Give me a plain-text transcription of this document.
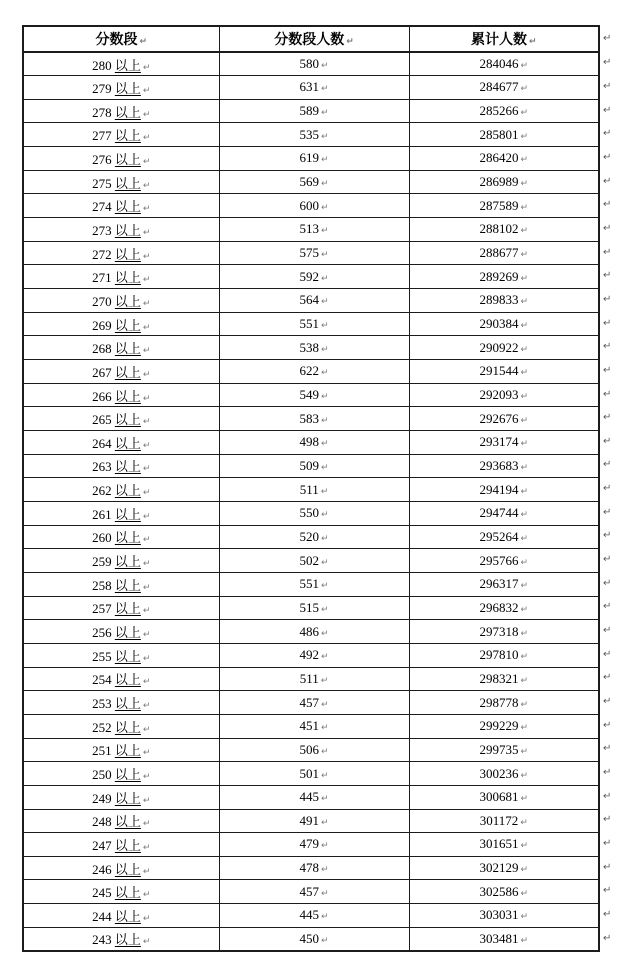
分数段 ↵	分数段人数 ↵	累计人数 ↵
280 以上 ↵	580 ↵	284046 ↵
279 以上 ↵	631 ↵	284677 ↵
278 以上 ↵	589 ↵	285266 ↵
277 以上 ↵	535 ↵	285801 ↵
276 以上 ↵	619 ↵	286420 ↵
275 以上 ↵	569 ↵	286989 ↵
274 以上 ↵	600 ↵	287589 ↵
273 以上 ↵	513 ↵	288102 ↵
272 以上 ↵	575 ↵	288677 ↵
271 以上 ↵	592 ↵	289269 ↵
270 以上 ↵	564 ↵	289833 ↵
269 以上 ↵	551 ↵	290384 ↵
268 以上 ↵	538 ↵	290922 ↵
267 以上 ↵	622 ↵	291544 ↵
266 以上 ↵	549 ↵	292093 ↵
265 以上 ↵	583 ↵	292676 ↵
264 以上 ↵	498 ↵	293174 ↵
263 以上 ↵	509 ↵	293683 ↵
262 以上 ↵	511 ↵	294194 ↵
261 以上 ↵	550 ↵	294744 ↵
260 以上 ↵	520 ↵	295264 ↵
259 以上 ↵	502 ↵	295766 ↵
258 以上 ↵	551 ↵	296317 ↵
257 以上 ↵	515 ↵	296832 ↵
256 以上 ↵	486 ↵	297318 ↵
255 以上 ↵	492 ↵	297810 ↵
254 以上 ↵	511 ↵	298321 ↵
253 以上 ↵	457 ↵	298778 ↵
252 以上 ↵	451 ↵	299229 ↵
251 以上 ↵	506 ↵	299735 ↵
250 以上 ↵	501 ↵	300236 ↵
249 以上 ↵	445 ↵	300681 ↵
248 以上 ↵	491 ↵	301172 ↵
247 以上 ↵	479 ↵	301651 ↵
246 以上 ↵	478 ↵	302129 ↵
245 以上 ↵	457 ↵	302586 ↵
244 以上 ↵	445 ↵	303031 ↵
243 以上 ↵	450 ↵	303481 ↵
↵
↵
↵
↵
↵
↵
↵
↵
↵
↵
↵
↵
↵
↵
↵
↵
↵
↵
↵
↵
↵
↵
↵
↵
↵
↵
↵
↵
↵
↵
↵
↵
↵
↵
↵
↵
↵
↵
↵
